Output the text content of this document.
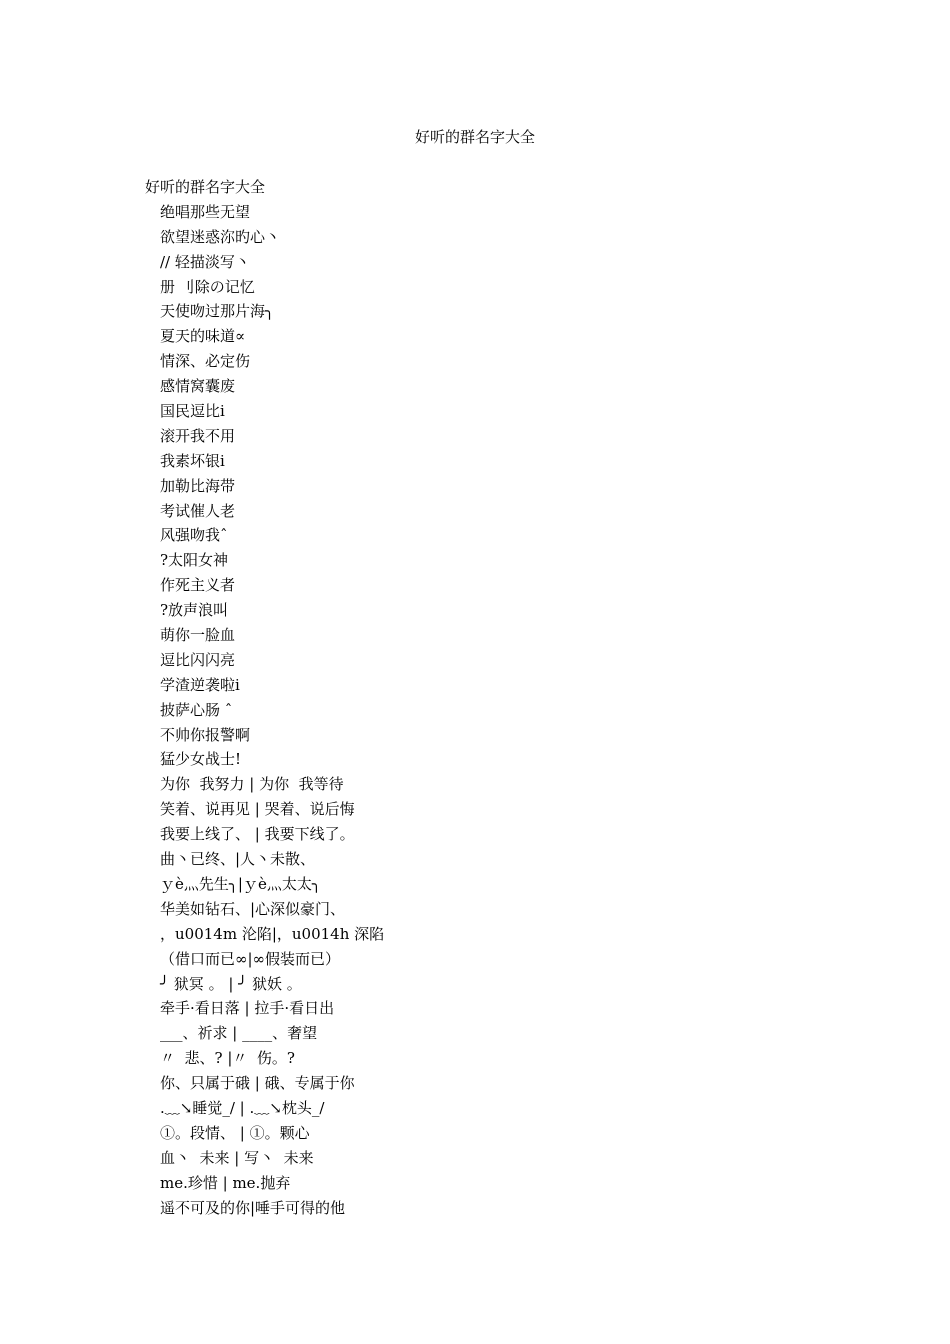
好听的群名字大全
好听的群名字大全
绝唱那些无望
欲望迷惑沵旳心丶
// 轻描淡写丶
册 刂除の记忆
天使吻过那片海╮
夏天的味道∝
情深、必定伤
感情窝囊废
国民逗比ⅰ
滚开我不用
我素坏银ⅰ
加勒比海带
考试催人老
风强吻我ˆ
?太阳女神
作死主义者
?放声浪叫
萌你一脸血
逗比闪闪亮
学渣逆袭啦ⅰ
披萨心肠 ˆ
不帅你报警啊
猛少女战士!
为你  我努力 | 为你  我等待
笑着、说再见 | 哭着、说后悔
我要上线了、 | 我要下线了。
曲丶已终、|人丶未散、
ｙè灬先生╮|ｙè灬太太╮
华美如钻石、|心深似豪门、
，u0014m 沦陷|，u0014h 深陷
（借口而已∞|∞假装而已）
╯ 狱冥 。 | ╯ 狱妖 。
牵手·看日落 | 拉手·看日出
___、祈求 | ____、奢望
〃  悲、? |〃  伤。?
你、只属于硪 | 硪、专属于你
.﹏↘睡觉_/ | .﹏↘枕头_/
①。段情、 | ①。颗心
血丶  未来 | 写丶  未来
me.珍惜 | me.抛弃
遥不可及的你|唾手可得的他
